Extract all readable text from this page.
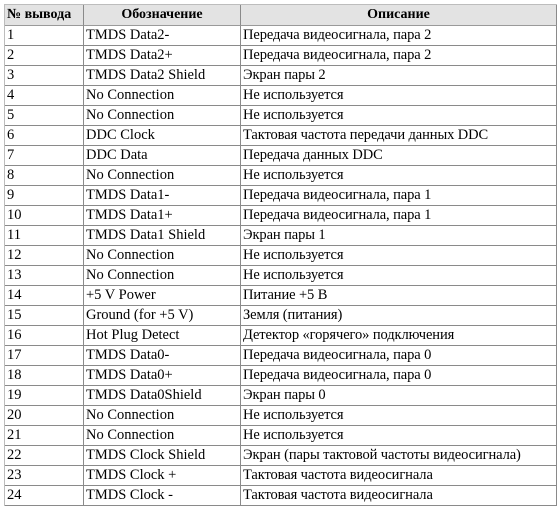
№ вывода	Обозначение	Описание
1	TMDS Data2-	Передача видеосигнала, пара 2
2	TMDS Data2+	Передача видеосигнала, пара 2
3	TMDS Data2 Shield	Экран пары 2
4	No Connection	Не используется
5	No Connection	Не используется
6	DDC Clock	Тактовая частота передачи данных DDC
7	DDC Data	Передача данных DDC
8	No Connection	Не используется
9	TMDS Data1-	Передача видеосигнала, пара 1
10	TMDS Data1+	Передача видеосигнала, пара 1
11	TMDS Data1 Shield	Экран пары 1
12	No Connection	Не используется
13	No Connection	Не используется
14	+5 V Power	Питание +5 В
15	Ground (for +5 V)	Земля (питания)
16	Hot Plug Detect	Детектор «горячего» подключения
17	TMDS Data0-	Передача видеосигнала, пара 0
18	TMDS Data0+	Передача видеосигнала, пара 0
19	TMDS Data0Shield	Экран пары 0
20	No Connection	Не используется
21	No Connection	Не используется
22	TMDS Clock Shield	Экран (пары тактовой частоты видеосигнала)
23	TMDS Clock +	Тактовая частота видеосигнала
24	TMDS Clock -	Тактовая частота видеосигнала
